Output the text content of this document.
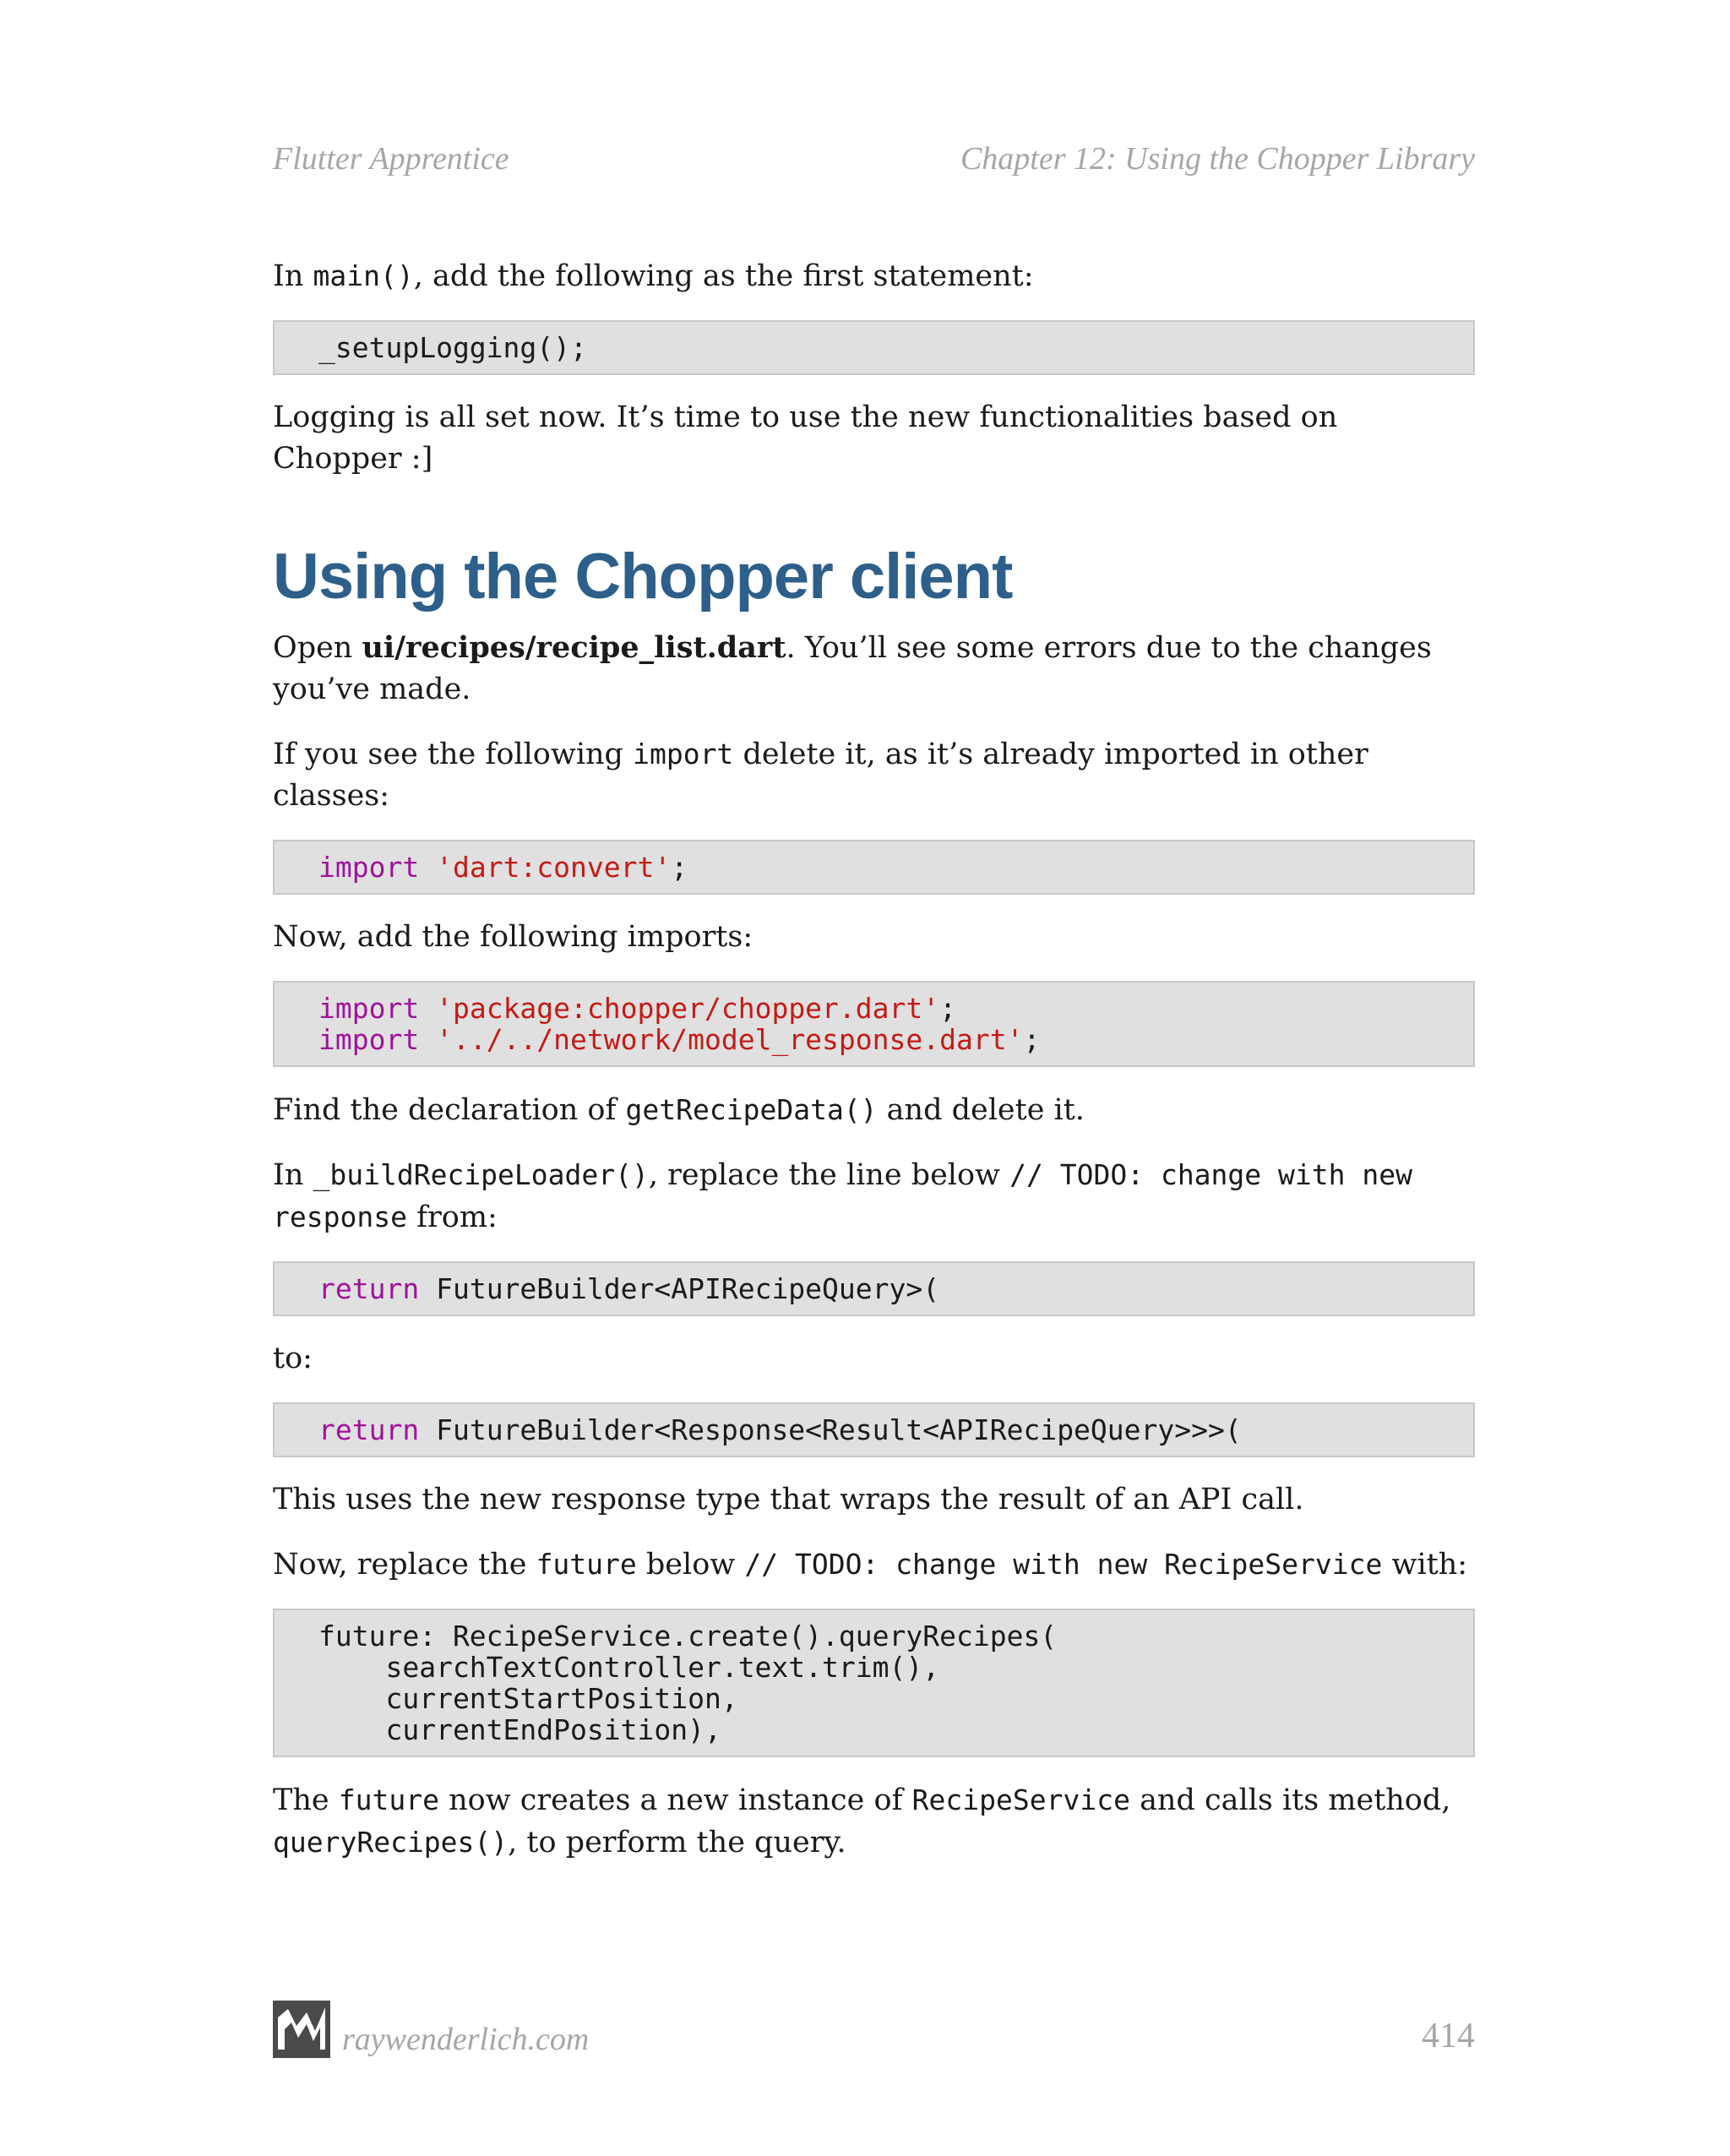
Flutter Apprentice	Chapter 12: Using the Chopper Library

In main(), add the following as the first statement:

_setupLogging();

Logging is all set now. It’s time to use the new functionalities based on Chopper :]

Using the Chopper client

Open ui/recipes/recipe_list.dart. You’ll see some errors due to the changes you’ve made.

If you see the following import delete it, as it’s already imported in other classes:

import 'dart:convert';

Now, add the following imports:

import 'package:chopper/chopper.dart';
import '../../network/model_response.dart';

Find the declaration of getRecipeData() and delete it.

In _buildRecipeLoader(), replace the line below // TODO: change with new response from:

return FutureBuilder<APIRecipeQuery>(

to:

return FutureBuilder<Response<Result<APIRecipeQuery>>>(

This uses the new response type that wraps the result of an API call.

Now, replace the future below // TODO: change with new RecipeService with:

future: RecipeService.create().queryRecipes(
searchTextController.text.trim(),
currentStartPosition,
currentEndPosition),

The future now creates a new instance of RecipeService and calls its method, queryRecipes(), to perform the query.

raywenderlich.com	414
